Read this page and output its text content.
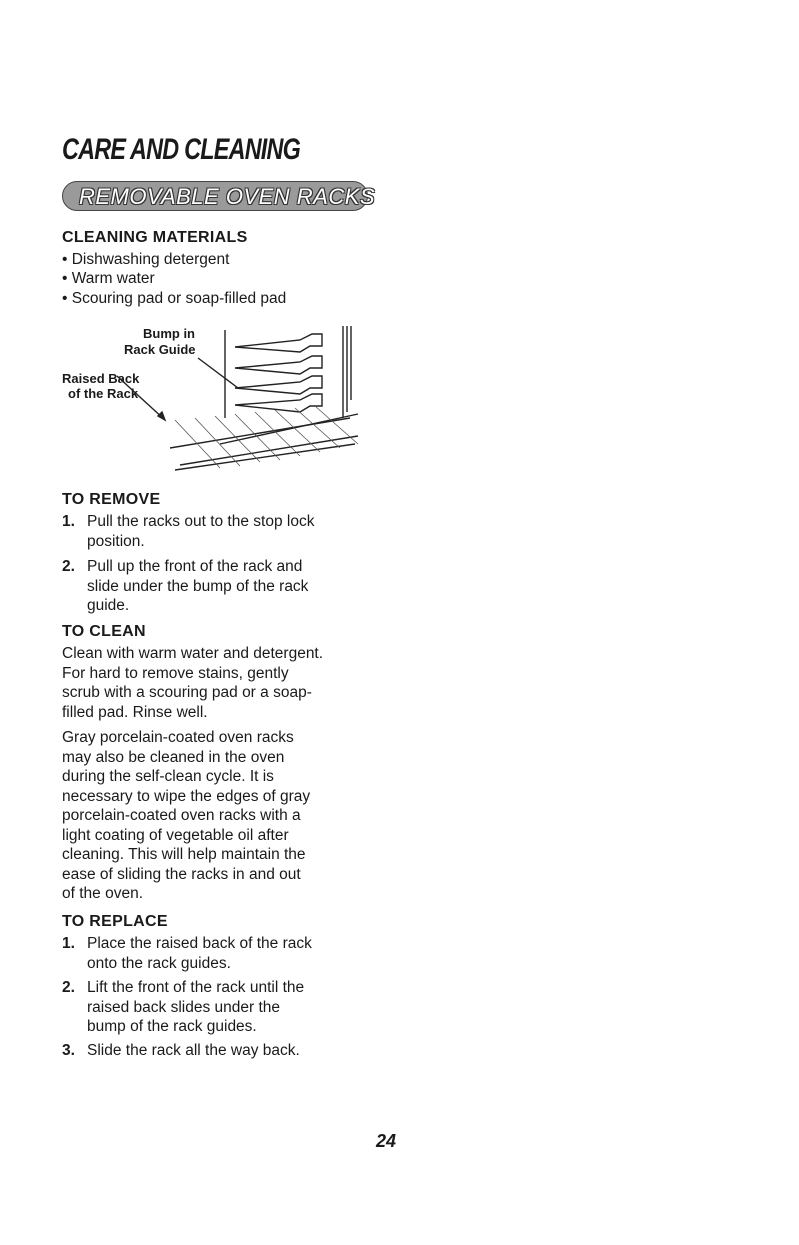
CARE AND CLEANING
REMOVABLE OVEN RACKS
CLEANING MATERIALS
• Dishwashing detergent
• Warm water
• Scouring pad or soap-filled pad
Bump in
Rack Guide
Raised Back
of the Rack
TO REMOVE
1. Pull the racks out to the stop lock
position.
2. Pull up the front of the rack and
slide under the bump of the rack
guide.
TO CLEAN
Clean with warm water and detergent.
For hard to remove stains, gently
scrub with a scouring pad or a soap-
filled pad. Rinse well.
Gray porcelain-coated oven racks
may also be cleaned in the oven
during the self-clean cycle. It is
necessary to wipe the edges of gray
porcelain-coated oven racks with a
light coating of vegetable oil after
cleaning. This will help maintain the
ease of sliding the racks in and out
of the oven.
TO REPLACE
1. Place the raised back of the rack
onto the rack guides.
2. Lift the front of the rack until the
raised back slides under the
bump of the rack guides.
3. Slide the rack all the way back.
24
